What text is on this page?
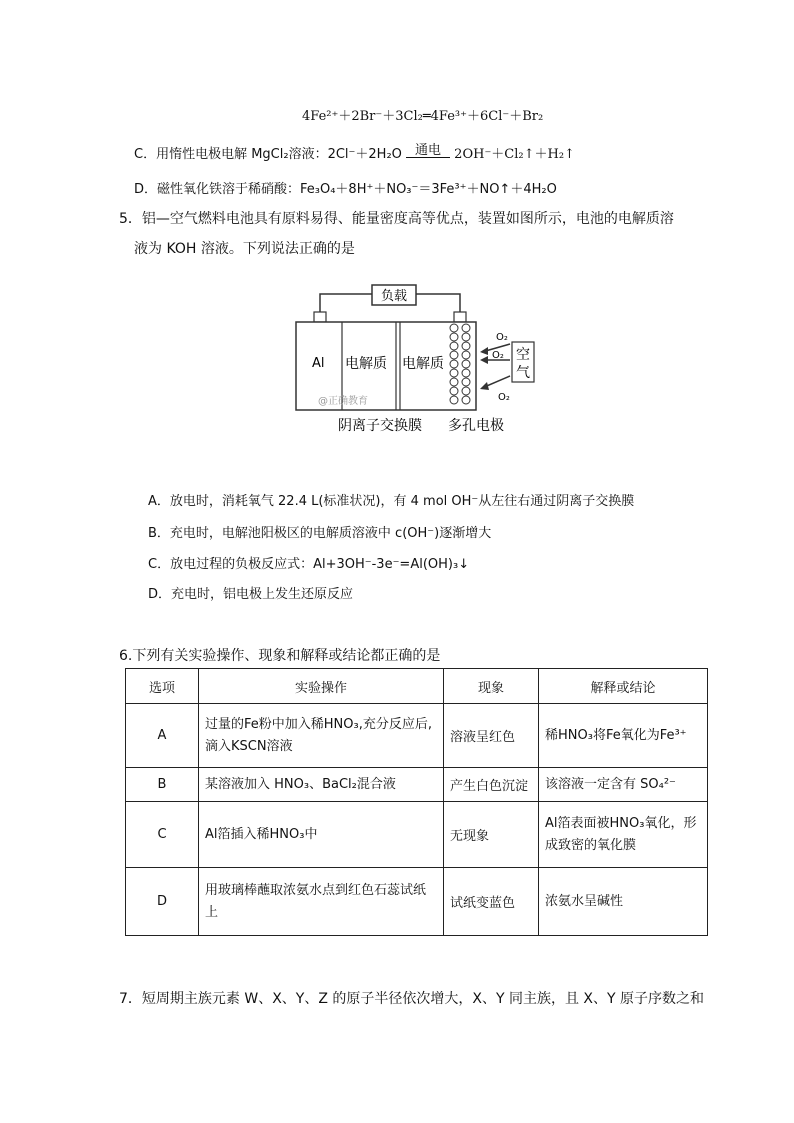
4Fe²⁺＋2Br⁻＋3Cl₂═4Fe³⁺＋6Cl⁻＋Br₂
C．用惰性电极电解 MgCl₂溶液：2Cl⁻＋2H₂O	通电	2OH⁻＋Cl₂↑＋H₂↑
D．磁性氧化铁溶于稀硝酸：Fe₃O₄＋8H⁺＋NO₃⁻＝3Fe³⁺＋NO↑＋4H₂O
5．铝—空气燃料电池具有原料易得、能量密度高等优点，装置如图所示，电池的电解质溶
液为 KOH 溶液。下列说法正确的是
负载
Al 电解质 电解质
@正确教育
空
气
O₂
O₂
O₂
阴离子交换膜 多孔电极
A．放电时，消耗氧气 22.4 L(标准状况)，有 4 mol OH⁻从左往右通过阴离子交换膜
B．充电时，电解池阳极区的电解质溶液中 c(OH⁻)逐渐增大
C．放电过程的负极反应式：Al+3OH⁻-3e⁻=Al(OH)₃↓
D．充电时，铝电极上发生还原反应
6.下列有关实验操作、现象和解释或结论都正确的是
选项	实验操作	现象	解释或结论
A	过量的Fe粉中加入稀HNO₃,充分反应后,滴入KSCN溶液	溶液呈红色	稀HNO₃将Fe氧化为Fe³⁺
B	某溶液加入 HNO₃、BaCl₂混合液	产生白色沉淀	该溶液一定含有 SO₄²⁻
C	Al箔插入稀HNO₃中	无现象	Al箔表面被HNO₃氧化，形成致密的氧化膜
D	用玻璃棒蘸取浓氨水点到红色石蕊试纸上	试纸变蓝色	浓氨水呈碱性
7．短周期主族元素 W、X、Y、Z 的原子半径依次增大，X、Y 同主族，且 X、Y 原子序数之和
